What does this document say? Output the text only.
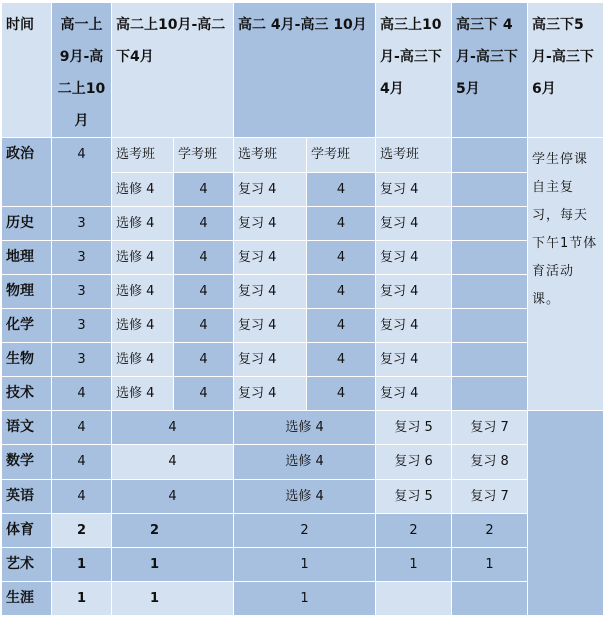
时间	高一上9月-高二上10月	高二上10月-高二下4月		高二 4月-高三 10月		高三上10月-高三下4月	高三下 4月-高三下 5月	高三下5月-高三下6月
政治	4	选考班	学考班	选考班	学考班	选考班		学生停课自主复习，每天下午1节体育活动课。
		选修 4	4	复习 4	4	复习 4		
历史	3	选修 4	4	复习 4	4	复习 4		
地理	3	选修 4	4	复习 4	4	复习 4		
物理	3	选修 4	4	复习 4	4	复习 4		
化学	3	选修 4	4	复习 4	4	复习 4		
生物	3	选修 4	4	复习 4	4	复习 4		
技术	4	选修 4	4	复习 4	4	复习 4		
语文	4	4		选修 4		复习 5	复习 7	
数学	4	4		选修 4		复习 6	复习 8	
英语	4	4		选修 4		复习 5	复习 7	
体育	2	2		2		2	2	
艺术	1	1		1		1	1	
生涯	1	1		1				
